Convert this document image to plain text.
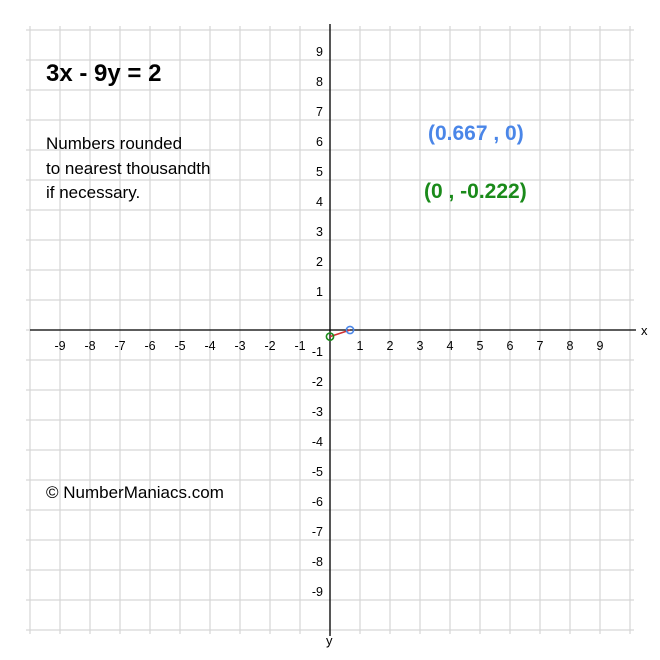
-9 -8 -7 -6 -5 -4 -3 -2 -1	1 2 3 4 5 6 7 8 9
-9
-8
-7
-6
-5
-4
-3
-2
-1
1
2
3
4
5
6
7
8
9
x
y
3x - 9y = 2
Numbers rounded
to nearest thousandth
if necessary.
(0.667 , 0)
(0 , -0.222)
© NumberManiacs.com
